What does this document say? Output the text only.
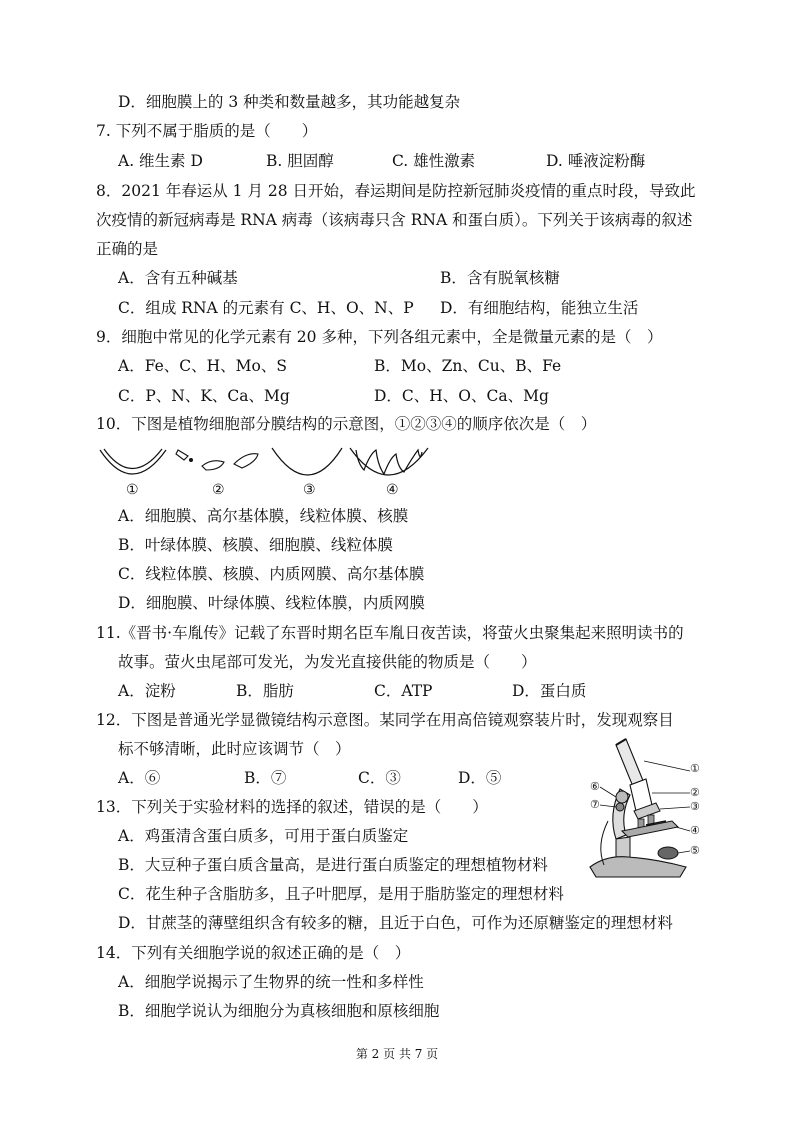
D．细胞膜上的 3 种类和数量越多，其功能越复杂
7. 下列不属于脂质的是（　　）
A. 维生素 D	B. 胆固醇	C. 雄性激素	D. 唾液淀粉酶
8．2021 年春运从 1 月 28 日开始，春运期间是防控新冠肺炎疫情的重点时段，导致此
次疫情的新冠病毒是 RNA 病毒（该病毒只含 RNA 和蛋白质）。下列关于该病毒的叙述
正确的是
A．含有五种碱基	B．含有脱氧核糖
C．组成 RNA 的元素有 C、H、O、N、P D．有细胞结构，能独立生活
9．细胞中常见的化学元素有 20 多种，下列各组元素中，全是微量元素的是（　）
A．Fe、C、H、Mo、S	B．Mo、Zn、Cu、B、Fe
C．P、N、K、Ca、Mg	D．C、H、O、Ca、Mg
10．下图是植物细胞部分膜结构的示意图，①②③④的顺序依次是（　）
①	②	③	④
A．细胞膜、高尔基体膜，线粒体膜、核膜
B．叶绿体膜、核膜、细胞膜、线粒体膜
C．线粒体膜、核膜、内质网膜、高尔基体膜
D．细胞膜、叶绿体膜、线粒体膜，内质网膜
11.《晋书·车胤传》记载了东晋时期名臣车胤日夜苦读，将萤火虫聚集起来照明读书的
故事。萤火虫尾部可发光，为发光直接供能的物质是（　　）
A．淀粉	B．脂肪	C．ATP	D．蛋白质
12．下图是普通光学显微镜结构示意图。某同学在用高倍镜观察装片时，发现观察目
标不够清晰，此时应该调节（　）
A．⑥	B．⑦	C．③	D．⑤
①
②
③
④
⑤
⑥
⑦
13．下列关于实验材料的选择的叙述，错误的是（　　）
A．鸡蛋清含蛋白质多，可用于蛋白质鉴定
B．大豆种子蛋白质含量高，是进行蛋白质鉴定的理想植物材料
C．花生种子含脂肪多，且子叶肥厚，是用于脂肪鉴定的理想材料
D．甘蔗茎的薄壁组织含有较多的糖，且近于白色，可作为还原糖鉴定的理想材料
14．下列有关细胞学说的叙述正确的是（　）
A．细胞学说揭示了生物界的统一性和多样性
B．细胞学说认为细胞分为真核细胞和原核细胞
第 2 页 共 7 页
